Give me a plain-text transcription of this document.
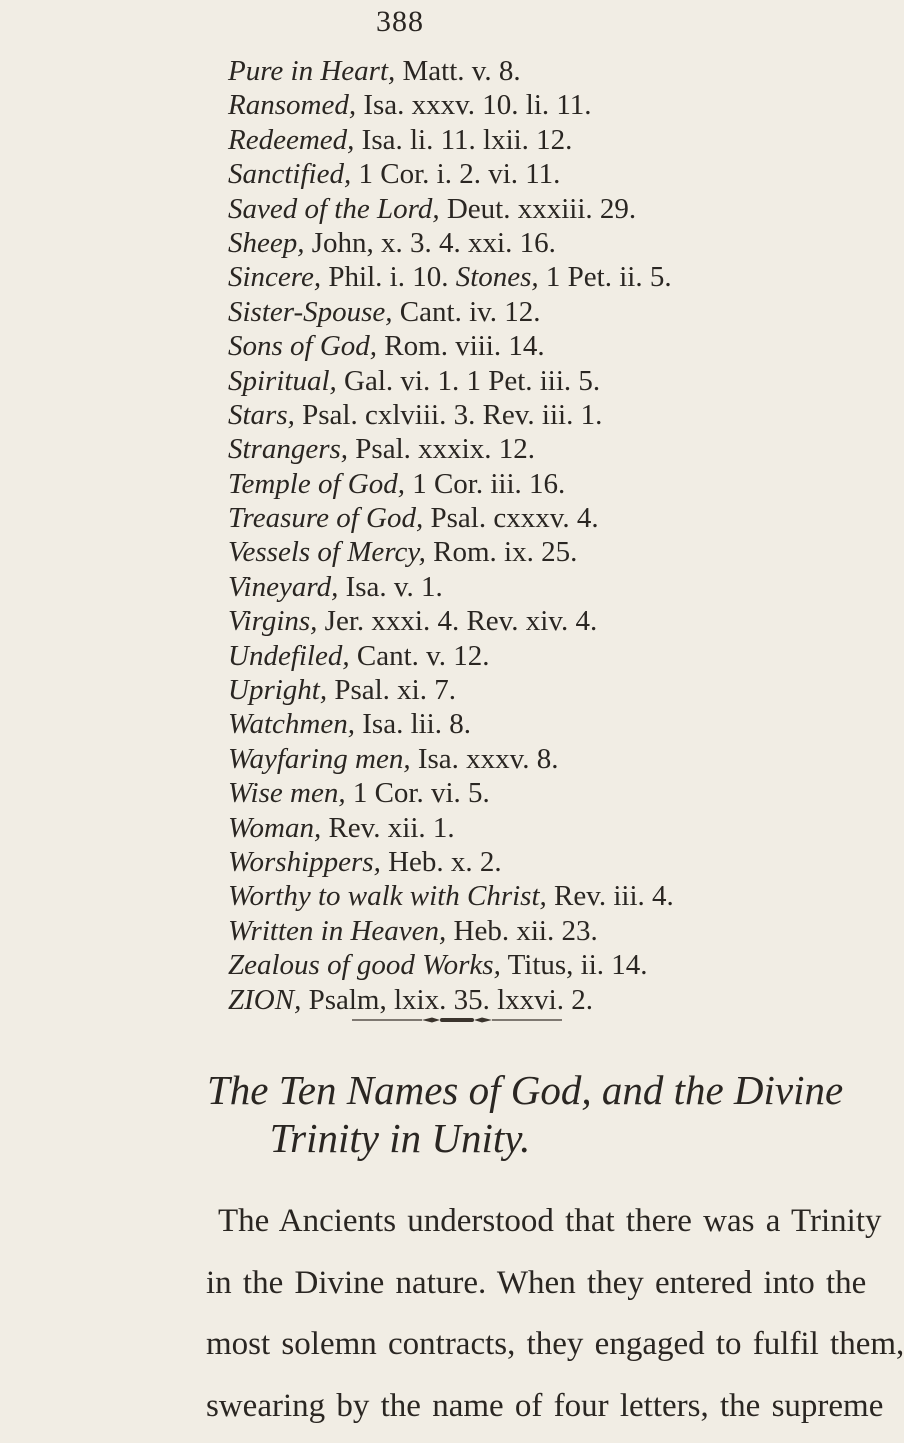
388
Pure in Heart, Matt. v. 8.
Ransomed, Isa. xxxv. 10. li. 11.
Redeemed, Isa. li. 11. lxii. 12.
Sanctified, 1 Cor. i. 2. vi. 11.
Saved of the Lord, Deut. xxxiii. 29.
Sheep, John, x. 3. 4. xxi. 16.
Sincere, Phil. i. 10. Stones, 1 Pet. ii. 5.
Sister-Spouse, Cant. iv. 12.
Sons of God, Rom. viii. 14.
Spiritual, Gal. vi. 1. 1 Pet. iii. 5.
Stars, Psal. cxlviii. 3. Rev. iii. 1.
Strangers, Psal. xxxix. 12.
Temple of God, 1 Cor. iii. 16.
Treasure of God, Psal. cxxxv. 4.
Vessels of Mercy, Rom. ix. 25.
Vineyard, Isa. v. 1.
Virgins, Jer. xxxi. 4. Rev. xiv. 4.
Undefiled, Cant. v. 12.
Upright, Psal. xi. 7.
Watchmen, Isa. lii. 8.
Wayfaring men, Isa. xxxv. 8.
Wise men, 1 Cor. vi. 5.
Woman, Rev. xii. 1.
Worshippers, Heb. x. 2.
Worthy to walk with Christ, Rev. iii. 4.
Written in Heaven, Heb. xii. 23.
Zealous of good Works, Titus, ii. 14.
ZION, Psalm, lxix. 35. lxxvi. 2.
The Ten Names of God, and the Divine
Trinity in Unity.
The Ancients understood that there was a Trinity
in the Divine nature. When they entered into the
most solemn contracts, they engaged to fulfil them,
swearing by the name of four letters, the supreme
